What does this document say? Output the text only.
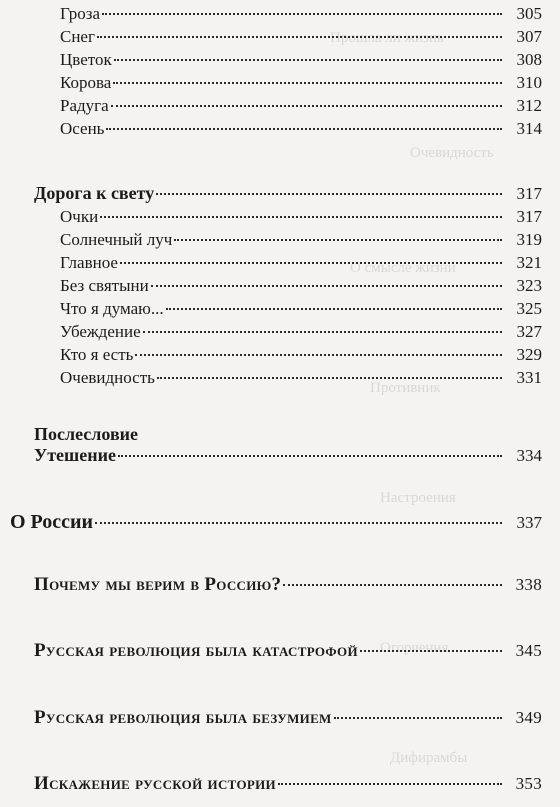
Прошла ли жизнь
Очевидность
О смысле жизни
Противник
Настроения
Огорчения
Дифирамбы
Гроза	305
Снег	307
Цветок	308
Корова	310
Радуга	312
Осень	314
Дорога к свету	317
Очки	317
Солнечный луч	319
Главное	321
Без святыни	323
Что я думаю...	325
Убеждение	327
Кто я есть	329
Очевидность	331
Послесловие
Утешение	334
О России	337
Почему мы верим в Россию?	338
Русская революция была катастрофой	345
Русская революция была безумием	349
Искажение русской истории	353
